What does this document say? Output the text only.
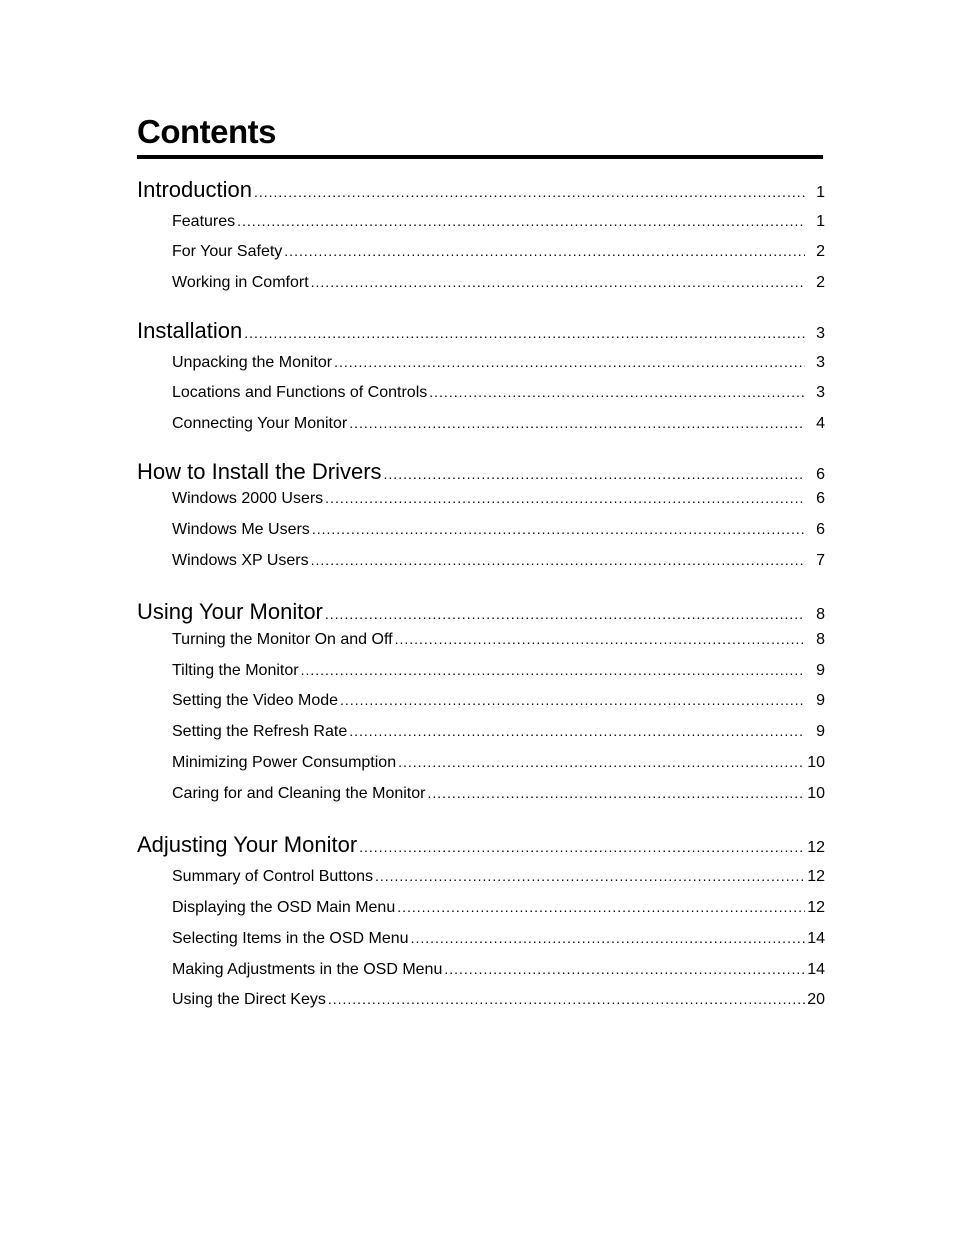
Contents
Introduction .....	1
Features .....	1
For Your Safety .....	2
Working in Comfort .....	2
Installation .....	3
Unpacking the Monitor .....	3
Locations and Functions of Controls .....	3
Connecting Your Monitor .....	4
How to Install the Drivers .....	6
Windows 2000 Users .....	6
Windows Me Users .....	6
Windows XP Users .....	7
Using Your Monitor .....	8
Turning the Monitor On and Off .....	8
Tilting the Monitor .....	9
Setting the Video Mode .....	9
Setting the Refresh Rate .....	9
Minimizing Power Consumption .....	10
Caring for and Cleaning the Monitor .....	10
Adjusting Your Monitor .....	12
Summary of Control Buttons .....	12
Displaying the OSD Main Menu .....	12
Selecting Items in the OSD Menu .....	14
Making Adjustments in the OSD Menu .....	14
Using the Direct Keys .....	20
